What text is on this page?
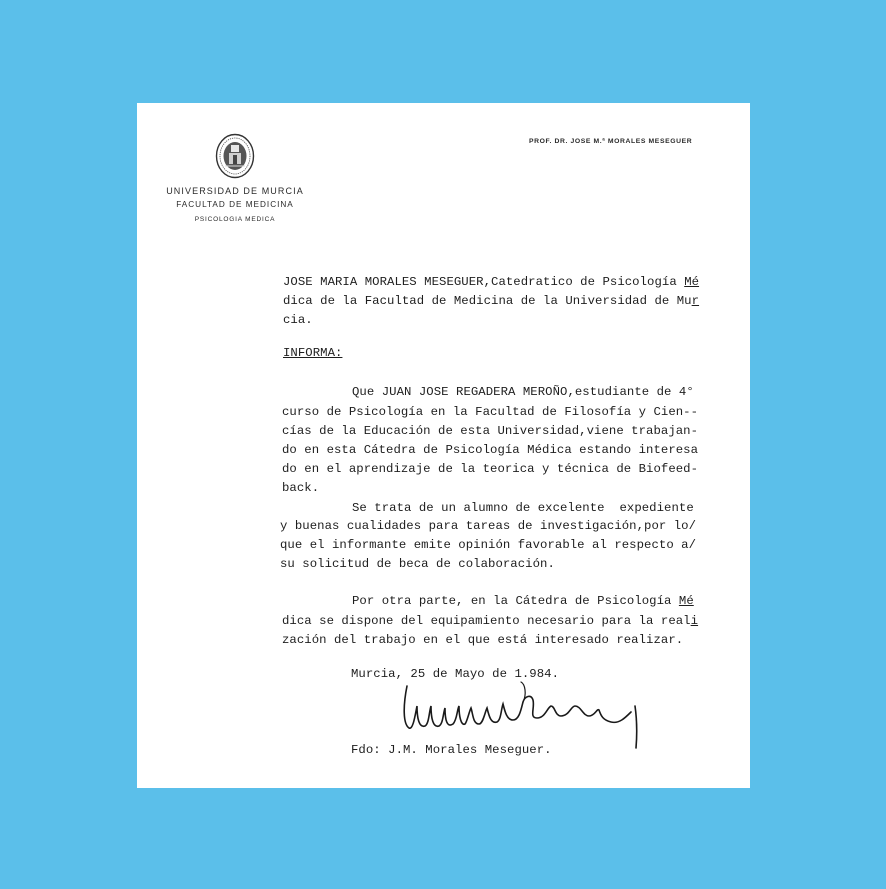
UNIVERSIDAD DE MURCIA
FACULTAD DE MEDICINA
PSICOLOGIA MEDICA
PROF. DR. JOSE M.ª MORALES MESEGUER
JOSE MARIA MORALES MESEGUER,Catedratico de Psicología Mé
dica de la Facultad de Medicina de la Universidad de Mur
cia.
INFORMA:
Que JUAN JOSE REGADERA MEROÑO,estudiante de 4°
curso de Psicología en la Facultad de Filosofía y Cien--
cías de la Educación de esta Universidad,viene trabajan-
do en esta Cátedra de Psicología Médica estando interesa
do en el aprendizaje de la teorica y técnica de Biofeed-
back.
Se trata de un alumno de excelente  expediente
y buenas cualidades para tareas de investigación,por lo/
que el informante emite opinión favorable al respecto a/
su solicitud de beca de colaboración.
Por otra parte, en la Cátedra de Psicología Mé
dica se dispone del equipamiento necesario para la reali
zación del trabajo en el que está interesado realizar.
Murcia, 25 de Mayo de 1.984.
Fdo: J.M. Morales Meseguer.
